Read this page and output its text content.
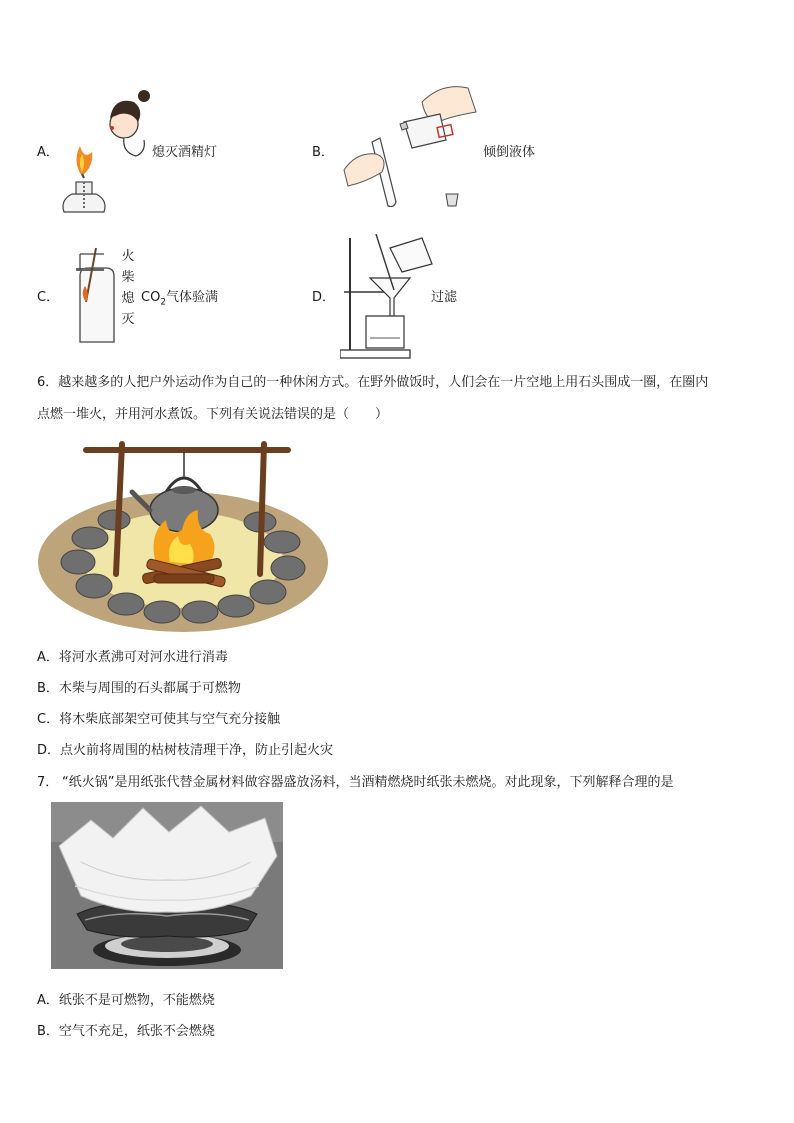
A．	熄灭酒精灯	B．	倾倒液体
C．
火
柴
熄
灭
$CO_2$气体验满	D．	过滤
6．越来越多的人把户外运动作为自己的一种休闲方式。在野外做饭时，人们会在一片空地上用石头围成一圈，在圈内
点燃一堆火，并用河水煮饭。下列有关说法错误的是（　　）
A．将河水煮沸可对河水进行消毒
B．木柴与周围的石头都属于可燃物
C．将木柴底部架空可使其与空气充分接触
D．点火前将周围的枯树枝清理干净，防止引起火灾
7． “纸火锅”是用纸张代替金属材料做容器盛放汤料，当酒精燃烧时纸张未燃烧。对此现象，下列解释合理的是
A．纸张不是可燃物，不能燃烧
B．空气不充足，纸张不会燃烧
